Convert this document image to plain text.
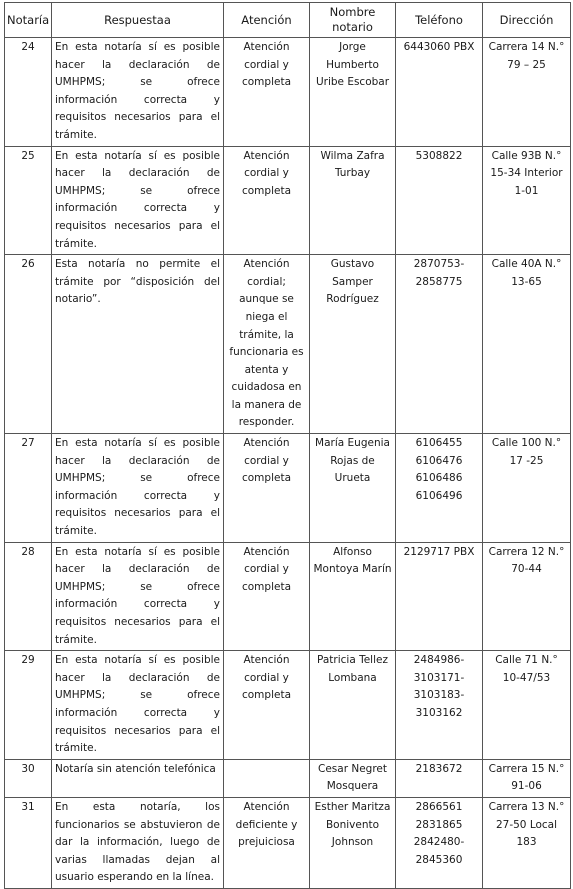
Notaría	Respuestaa	Atención	Nombre notario	Teléfono	Dirección
24	En esta notaría sí es posible hacer la declaración de UMHPMS; se ofrece información correcta y requisitos necesarios para el trámite.	Atención cordial y completa	Jorge Humberto Uribe Escobar	6443060 PBX	Carrera 14 N.° 79 – 25
25	En esta notaría sí es posible hacer la declaración de UMHPMS; se ofrece información correcta y requisitos necesarios para el trámite.	Atención cordial y completa	Wilma Zafra Turbay	5308822	Calle 93B N.° 15-34 Interior 1-01
26	Esta notaría no permite el trámite por “disposición del notario”.	Atención cordial; aunque se niega el trámite, la funcionaria es atenta y cuidadosa en la manera de responder.	Gustavo Samper Rodríguez	2870753-2858775	Calle 40A N.° 13-65
27	En esta notaría sí es posible hacer la declaración de UMHPMS; se ofrece información correcta y requisitos necesarios para el trámite.	Atención cordial y completa	María Eugenia Rojas de Urueta	6106455 6106476 6106486 6106496	Calle 100 N.° 17 -25
28	En esta notaría sí es posible hacer la declaración de UMHPMS; se ofrece información correcta y requisitos necesarios para el trámite.	Atención cordial y completa	Alfonso Montoya Marín	2129717 PBX	Carrera 12 N.° 70-44
29	En esta notaría sí es posible hacer la declaración de UMHPMS; se ofrece información correcta y requisitos necesarios para el trámite.	Atención cordial y completa	Patricia Tellez Lombana	2484986-3103171-3103183-3103162	Calle 71 N.° 10-47/53
30	Notaría sin atención telefónica		Cesar Negret Mosquera	2183672	Carrera 15 N.° 91-06
31	En esta notaría, los funcionarios se abstuvieron de dar la información, luego de varias llamadas dejan al usuario esperando en la línea.	Atención deficiente y prejuiciosa	Esther Maritza Bonivento Johnson	2866561 2831865 2842480-2845360	Carrera 13 N.° 27-50 Local 183
